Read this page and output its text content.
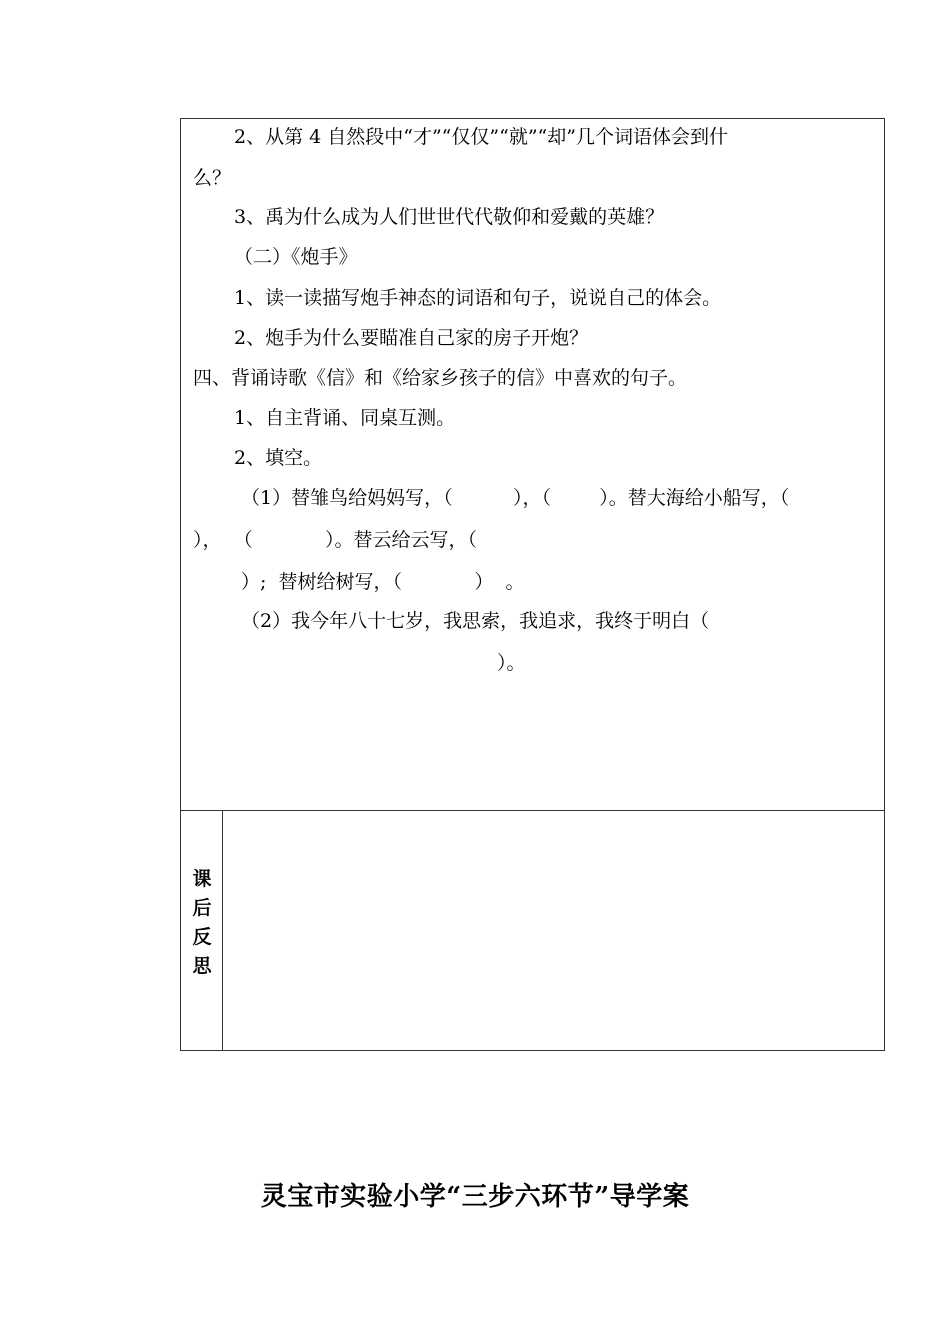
2、从第 4 自然段中“才”“仅仅”“就”“却”几个词语体会到什
么？
3、禹为什么成为人们世世代代敬仰和爱戴的英雄？
（二）《炮手》
1、读一读描写炮手神态的词语和句子，说说自己的体会。
2、炮手为什么要瞄准自己家的房子开炮？
四、背诵诗歌《信》和《给家乡孩子的信》中喜欢的句子。
1、自主背诵、同桌互测。
2、填空。
（1）替雏鸟给妈妈写，（          ），（        ）。替大海给小船写，（
），  （            ）。替云给云写，（
）;  替树给树写，（            ）  。
（2）我今年八十七岁，我思索，我追求，我终于明白（
）。
课
后
反
思
灵宝市实验小学“三步六环节”导学案
